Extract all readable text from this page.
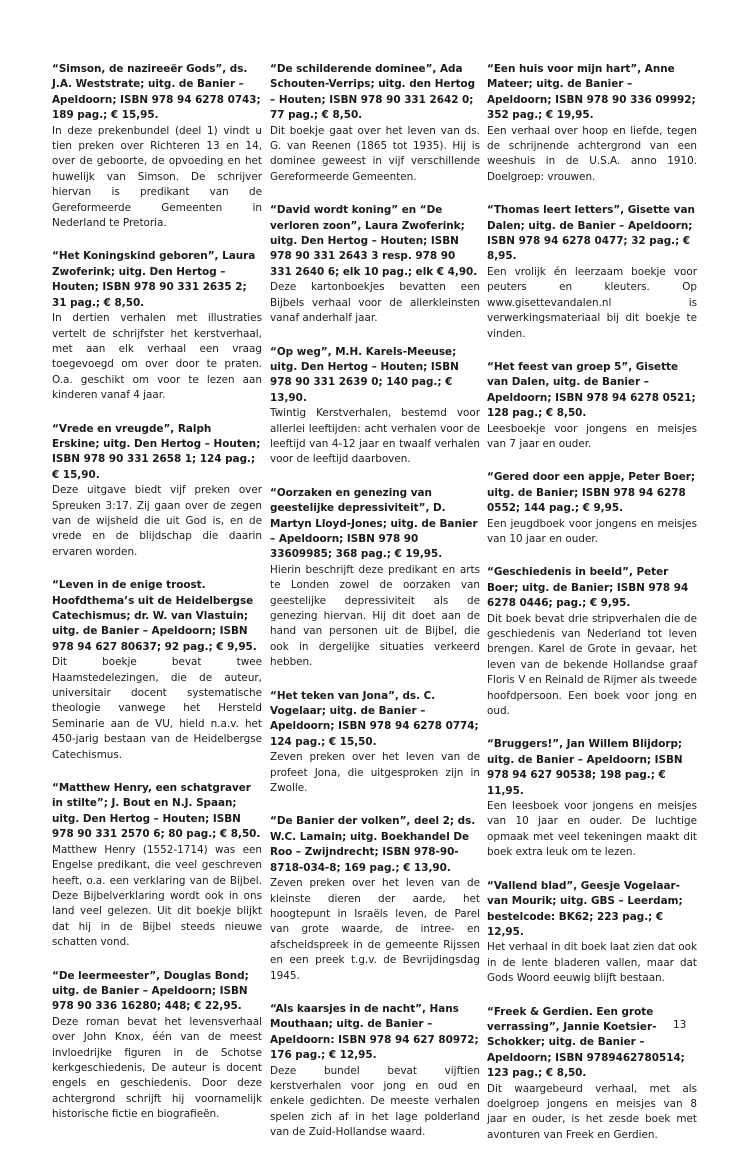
“Simson, de nazireeër Gods”, ds. J.A. Weststrate; uitg. de Banier – Apeldoorn; ISBN 978 94 6278 0743; 189 pag.; € 15,95.

In deze prekenbundel (deel 1) vindt u tien preken over Richteren 13 en 14, over de geboorte, de opvoeding en het huwelijk van Simson. De schrijver hiervan is predikant van de Gereformeerde Gemeenten in Nederland te Pretoria.

“Het Koningskind geboren”, Laura Zwoferink; uitg. Den Hertog – Houten; ISBN 978 90 331 2635 2; 31 pag.; € 8,50.

In dertien verhalen met illustraties vertelt de schrijfster het kerstverhaal, met aan elk verhaal een vraag toegevoegd om over door te praten. O.a. geschikt om voor te lezen aan kinderen vanaf 4 jaar.

“Vrede en vreugde”, Ralph Erskine; uitg. Den Hertog – Houten; ISBN 978 90 331 2658 1; 124 pag.; € 15,90.

Deze uitgave biedt vijf preken over Spreuken 3:17. Zij gaan over de zegen van de wijsheid die uit God is, en de vrede en de blijdschap die daarin ervaren worden.

“Leven in de enige troost. Hoofdthema’s uit de Heidelbergse Catechismus; dr. W. van Vlastuin; uitg. de Banier – Apeldoorn; ISBN 978 94 627 80637; 92 pag.; € 9,95.

Dit boekje bevat twee Haamstedelezingen, die de auteur, universitair docent systematische theologie vanwege het Hersteld Seminarie aan de VU, hield n.a.v. het 450-jarig bestaan van de Heidelbergse Catechismus.

“Matthew Henry, een schatgraver in stilte”; J. Bout en N.J. Spaan; uitg. Den Hertog – Houten; ISBN 978 90 331 2570 6; 80 pag.; € 8,50.

Matthew Henry (1552-1714) was een Engelse predikant, die veel geschreven heeft, o.a. een verklaring van de Bijbel. Deze Bijbelverklaring wordt ook in ons land veel gelezen. Uit dit boekje blijkt dat hij in de Bijbel steeds nieuwe schatten vond.

“De leermeester”, Douglas Bond; uitg. de Banier – Apeldoorn; ISBN 978 90 336 16280; 448; € 22,95.

Deze roman bevat het levensverhaal over John Knox, één van de meest invloedrijke figuren in de Schotse kerkgeschiedenis, De auteur is docent engels en geschiedenis. Door deze achtergrond schrijft hij voornamelijk historische fictie en biografieën.

“De schilderende dominee”, Ada Schouten-Verrips; uitg. den Hertog – Houten; ISBN 978 90 331 2642 0; 77 pag.; € 8,50.

Dit boekje gaat over het leven van ds. G. van Reenen (1865 tot 1935). Hij is dominee geweest in vijf verschillende Gereformeerde Gemeenten.

“David wordt koning” en “De verloren zoon”, Laura Zwoferink; uitg. Den Hertog – Houten; ISBN 978 90 331 2643 3 resp. 978 90 331 2640 6; elk 10 pag.; elk € 4,90.

Deze kartonboekjes bevatten een Bijbels verhaal voor de allerkleinsten vanaf anderhalf jaar.

“Op weg”, M.H. Karels-Meeuse; uitg. Den Hertog – Houten; ISBN 978 90 331 2639 0; 140 pag.; € 13,90.

Twintig Kerstverhalen, bestemd voor allerlei leeftijden: acht verhalen voor de leeftijd van 4-12 jaar en twaalf verhalen voor de leeftijd daarboven.

“Oorzaken en genezing van geestelijke depressiviteit”, D. Martyn Lloyd-Jones; uitg. de Banier – Apeldoorn; ISBN 978 90 33609985; 368 pag.; € 19,95.

Hierin beschrijft deze predikant en arts te Londen zowel de oorzaken van geestelijke depressiviteit als de genezing hiervan. Hij dit doet aan de hand van personen uit de Bijbel, die ook in dergelijke situaties verkeerd hebben.

“Het teken van Jona”, ds. C. Vogelaar; uitg. de Banier – Apeldoorn; ISBN 978 94 6278 0774; 124 pag.; € 15,50.

Zeven preken over het leven van de profeet Jona, die uitgesproken zijn in Zwolle.

“De Banier der volken”, deel 2; ds. W.C. Lamain; uitg. Boekhandel De Roo – Zwijndrecht; ISBN 978-90-8718-034-8; 169 pag.; € 13,90.

Zeven preken over het leven van de kleinste dieren der aarde, het hoogtepunt in Israëls leven, de Parel van grote waarde, de intree- en afscheidspreek in de gemeente Rijssen en een preek t.g.v. de Bevrijdingsdag 1945.

“Als kaarsjes in de nacht”, Hans Mouthaan; uitg. de Banier – Apeldoorn: ISBN 978 94 627 80972; 176 pag.; € 12,95.

Deze bundel bevat vijftien kerstverhalen voor jong en oud en enkele gedichten. De meeste verhalen spelen zich af in het lage polderland van de Zuid-Hollandse waard.

“Een huis voor mijn hart”, Anne Mateer; uitg. de Banier – Apeldoorn; ISBN 978 90 336 09992; 352 pag.; € 19,95.

Een verhaal over hoop en liefde, tegen de schrijnende achtergrond van een weeshuis in de U.S.A. anno 1910. Doelgroep: vrouwen.

“Thomas leert letters”, Gisette van Dalen; uitg. de Banier – Apeldoorn; ISBN 978 94 6278 0477; 32 pag.; € 8,95.

Een vrolijk én leerzaam boekje voor peuters en kleuters. Op www.gisettevandalen.nl is verwerkingsmateriaal bij dit boekje te vinden.

“Het feest van groep 5”, Gisette van Dalen, uitg. de Banier – Apeldoorn; ISBN 978 94 6278 0521; 128 pag.; € 8,50.

Leesboekje voor jongens en meisjes van 7 jaar en ouder.

“Gered door een appje, Peter Boer; uitg. de Banier; ISBN 978 94 6278 0552; 144 pag.; € 9,95.

Een jeugdboek voor jongens en meisjes van 10 jaar en ouder.

“Geschiedenis in beeld”, Peter Boer; uitg. de Banier; ISBN 978 94 6278 0446; pag.; € 9,95.

Dit boek bevat drie stripverhalen die de geschiedenis van Nederland tot leven brengen. Karel de Grote in gevaar, het leven van de bekende Hollandse graaf Floris V en Reinald de Rijmer als tweede hoofdpersoon. Een boek voor jong en oud.

“Bruggers!”, Jan Willem Blijdorp; uitg. de Banier – Apeldoorn; ISBN 978 94 627 90538; 198 pag.; € 11,95.

Een leesboek voor jongens en meisjes van 10 jaar en ouder. De luchtige opmaak met veel tekeningen maakt dit boek extra leuk om te lezen.

“Vallend blad”, Geesje Vogelaar-van Mourik; uitg. GBS – Leerdam; bestelcode: BK62; 223 pag.; € 12,95.

Het verhaal in dit boek laat zien dat ook in de lente bladeren vallen, maar dat Gods Woord eeuwig blijft bestaan.

“Freek & Gerdien. Een grote verrassing”, Jannie Koetsier-Schokker; uitg. de Banier – Apeldoorn; ISBN 9789462780514; 123 pag.; € 8,50.

Dit waargebeurd verhaal, met als doelgroep jongens en meisjes van 8 jaar en ouder, is het zesde boek met avonturen van Freek en Gerdien.

13
